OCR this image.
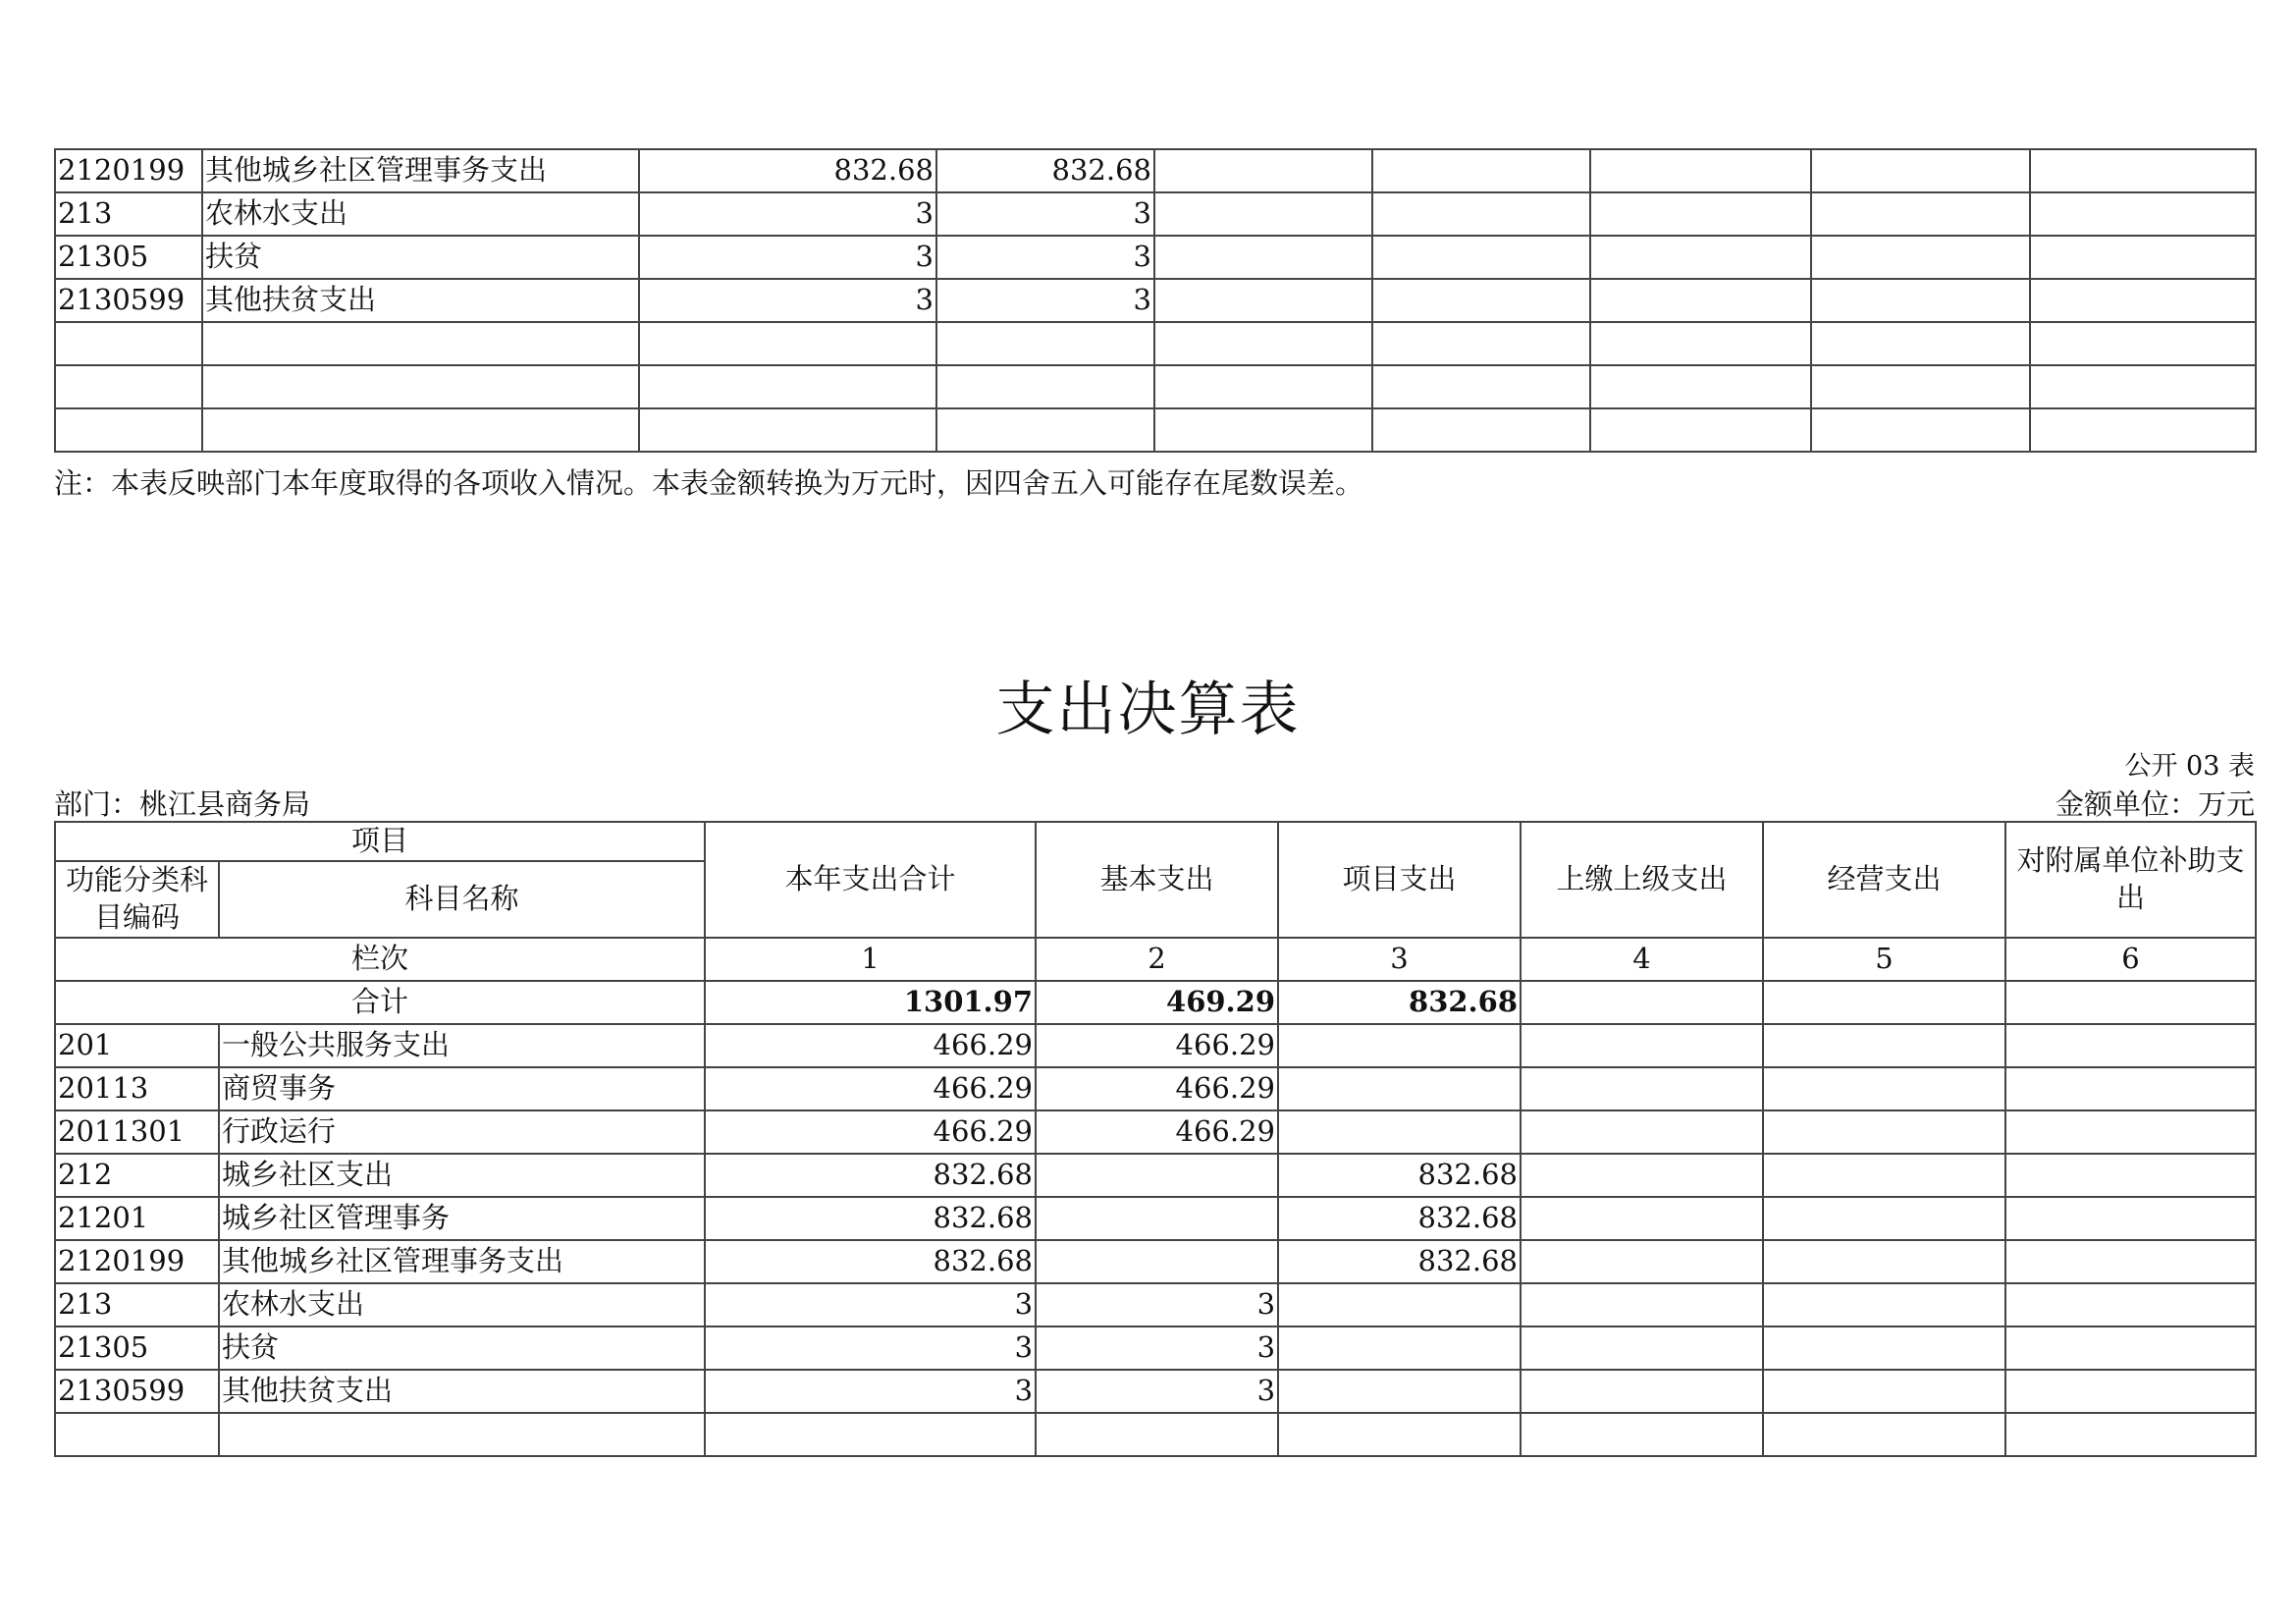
2120199	其他城乡社区管理事务支出	832.68	832.68					
213	农林水支出	3	3					
21305	扶贫	3	3					
2130599	其他扶贫支出	3	3					

注：本表反映部门本年度取得的各项收入情况。本表金额转换为万元时，因四舍五入可能存在尾数误差。
支出决算表
公开 03 表
部门：桃江县商务局	金额单位：万元
项目		本年支出合计	基本支出	项目支出	上缴上级支出	经营支出	对附属单位补助支出
功能分类科目编码	科目名称						
栏次		1	2	3	4	5	6
合计		1301.97	469.29	832.68			
201	一般公共服务支出	466.29	466.29				
20113	商贸事务	466.29	466.29				
2011301	行政运行	466.29	466.29				
212	城乡社区支出	832.68		832.68			
21201	城乡社区管理事务	832.68		832.68			
2120199	其他城乡社区管理事务支出	832.68		832.68			
213	农林水支出	3	3				
21305	扶贫	3	3				
2130599	其他扶贫支出	3	3				
